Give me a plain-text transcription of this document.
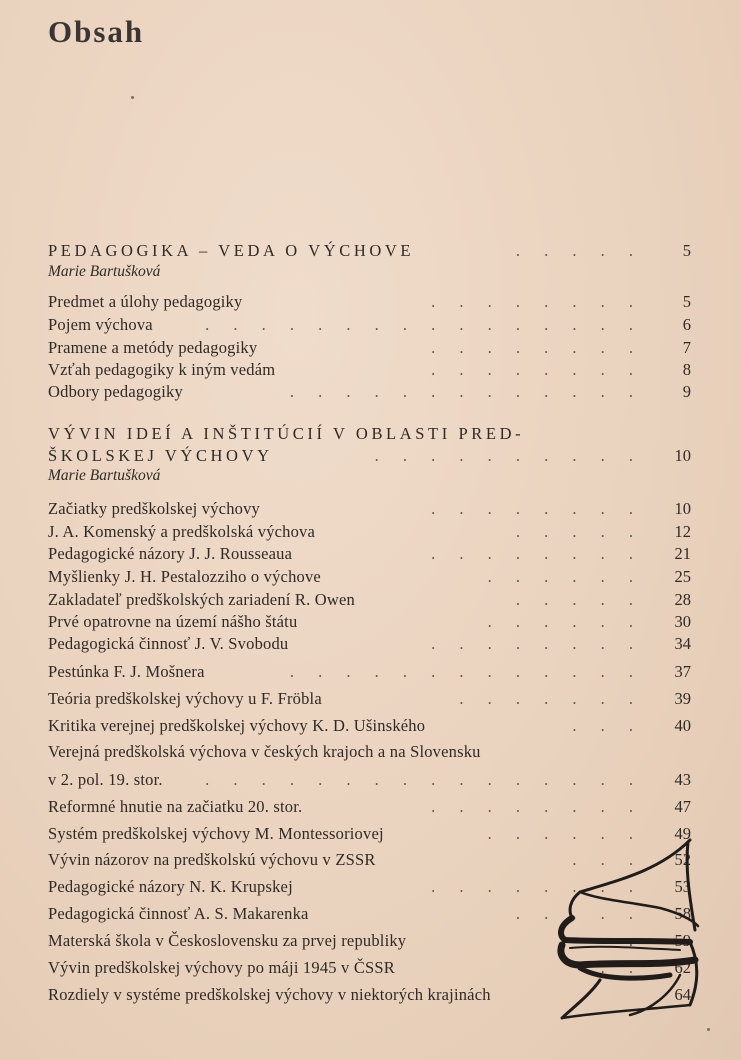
Obsah
PEDAGOGIKA – VEDA O VÝCHOVE	. . . . . 5
Marie Bartušková
Predmet a úlohy pedagogiky	. . . . . . . . 5
Pojem výchova	. . . . . . . . . . . . . . . . 6
Pramene a metódy pedagogiky	. . . . . . . . 7
Vzťah pedagogiky k iným vedám	. . . . . . . . 8
Odbory pedagogiky	. . . . . . . . . . . . . 9
VÝVIN IDEÍ A INŠTITÚCIÍ V OBLASTI PRED-
ŠKOLSKEJ VÝCHOVY	. . . . . . . . . . 10
Marie Bartušková
Začiatky predškolskej výchovy	. . . . . . . . 10
J. A. Komenský a predškolská výchova	. . . . . 12
Pedagogické názory J. J. Rousseaua	. . . . . . . . 21
Myšlienky J. H. Pestalozziho o výchove	. . . . . . 25
Zakladateľ predškolských zariadení R. Owen	. . . . . 28
Prvé opatrovne na území nášho štátu	. . . . . . 30
Pedagogická činnosť J. V. Svobodu	. . . . . . . . 34
Pestúnka F. J. Mošnera	. . . . . . . . . . . . . 37
Teória predškolskej výchovy u F. Fröbla	. . . . . . . 39
Kritika verejnej predškolskej výchovy K. D. Ušinského	. . . 40
Verejná predškolská výchova v českých krajoch a na Slovensku
v 2. pol. 19. stor.	. . . . . . . . . . . . . . . . 43
Reformné hnutie na začiatku 20. stor.	. . . . . . . . 47
Systém predškolskej výchovy M. Montessoriovej	. . . . . . 49
Vývin názorov na predškolskú výchovu v ZSSR	. . . 52
Pedagogické názory N. K. Krupskej	. . . . . . . . 53
Pedagogická činnosť A. S. Makarenka	. . . . . 58
Materská škola v Československu za prvej republiky	. 59
Vývin predškolskej výchovy po máji 1945 v ČSSR	. . 62
Rozdiely v systéme predškolskej výchovy v niektorých krajinách	64
